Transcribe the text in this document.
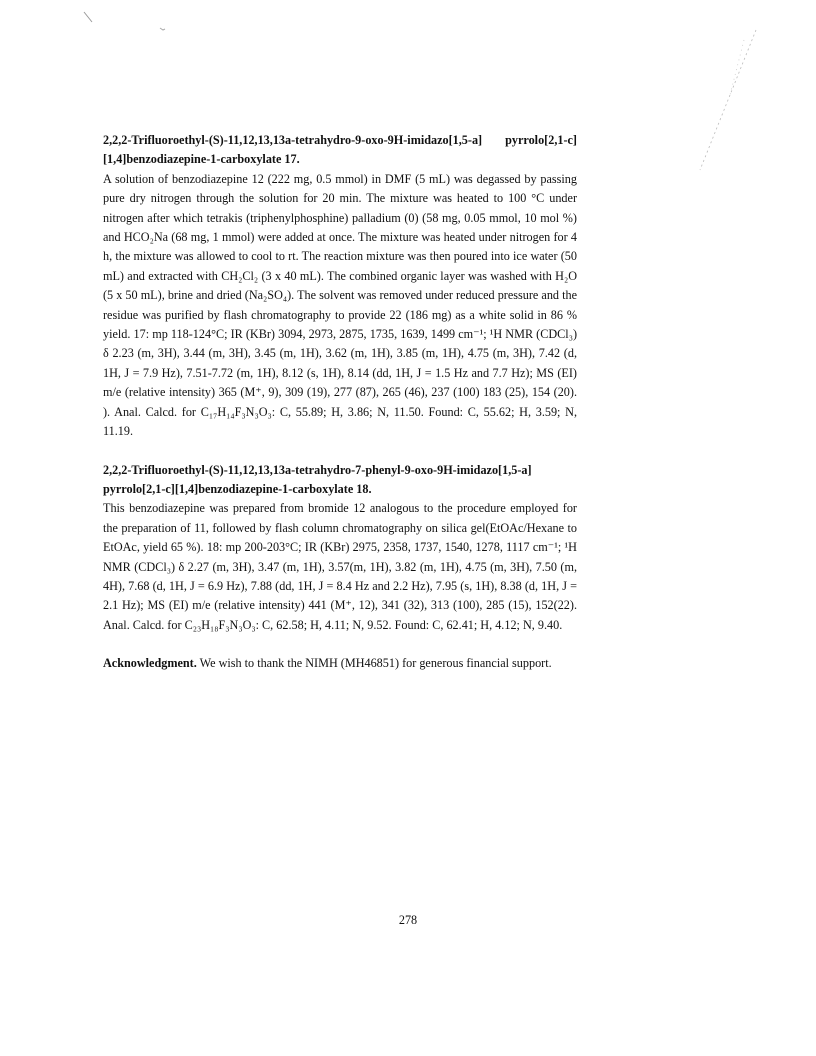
2,2,2-Trifluoroethyl-(S)-11,12,13,13a-tetrahydro-9-oxo-9H-imidazo[1,5-a] pyrrolo[2,1-c][1,4]benzodiazepine-1-carboxylate 17.

A solution of benzodiazepine 12 (222 mg, 0.5 mmol) in DMF (5 mL) was degassed by passing pure dry nitrogen through the solution for 20 min. The mixture was heated to 100 °C under nitrogen after which tetrakis (triphenylphosphine) palladium (0) (58 mg, 0.05 mmol, 10 mol %) and HCO₂Na (68 mg, 1 mmol) were added at once. The mixture was heated under nitrogen for 4 h, the mixture was allowed to cool to rt. The reaction mixture was then poured into ice water (50 mL) and extracted with CH₂Cl₂ (3 x 40 mL). The combined organic layer was washed with H₂O (5 x 50 mL), brine and dried (Na₂SO₄). The solvent was removed under reduced pressure and the residue was purified by flash chromatography to provide 22 (186 mg) as a white solid in 86 % yield. 17: mp 118-124°C; IR (KBr) 3094, 2973, 2875, 1735, 1639, 1499 cm⁻¹; ¹H NMR (CDCl₃) δ 2.23 (m, 3H), 3.44 (m, 3H), 3.45 (m, 1H), 3.62 (m, 1H), 3.85 (m, 1H), 4.75 (m, 3H), 7.42 (d, 1H, J = 7.9 Hz), 7.51-7.72 (m, 1H), 8.12 (s, 1H), 8.14 (dd, 1H, J = 1.5 Hz and 7.7 Hz); MS (EI) m/e (relative intensity) 365 (M⁺, 9), 309 (19), 277 (87), 265 (46), 237 (100) 183 (25), 154 (20). ). Anal. Calcd. for C₁₇H₁₄F₃N₃O₃: C, 55.89; H, 3.86; N, 11.50. Found: C, 55.62; H, 3.59; N, 11.19.

2,2,2-Trifluoroethyl-(S)-11,12,13,13a-tetrahydro-7-phenyl-9-oxo-9H-imidazo[1,5-a] pyrrolo[2,1-c][1,4]benzodiazepine-1-carboxylate 18.

This benzodiazepine was prepared from bromide 12 analogous to the procedure employed for the preparation of 11, followed by flash column chromatography on silica gel(EtOAc/Hexane to EtOAc, yield 65 %). 18: mp 200-203°C; IR (KBr) 2975, 2358, 1737, 1540, 1278, 1117 cm⁻¹; ¹H NMR (CDCl₃) δ 2.27 (m, 3H), 3.47 (m, 1H), 3.57(m, 1H), 3.82 (m, 1H), 4.75 (m, 3H), 7.50 (m, 4H), 7.68 (d, 1H, J = 6.9 Hz), 7.88 (dd, 1H, J = 8.4 Hz and 2.2 Hz), 7.95 (s, 1H), 8.38 (d, 1H, J = 2.1 Hz); MS (EI) m/e (relative intensity) 441 (M⁺, 12), 341 (32), 313 (100), 285 (15), 152(22). Anal. Calcd. for C₂₃H₁₈F₃N₃O₃: C, 62.58; H, 4.11; N, 9.52. Found: C, 62.41; H, 4.12; N, 9.40.

Acknowledgment. We wish to thank the NIMH (MH46851) for generous financial support.

278
